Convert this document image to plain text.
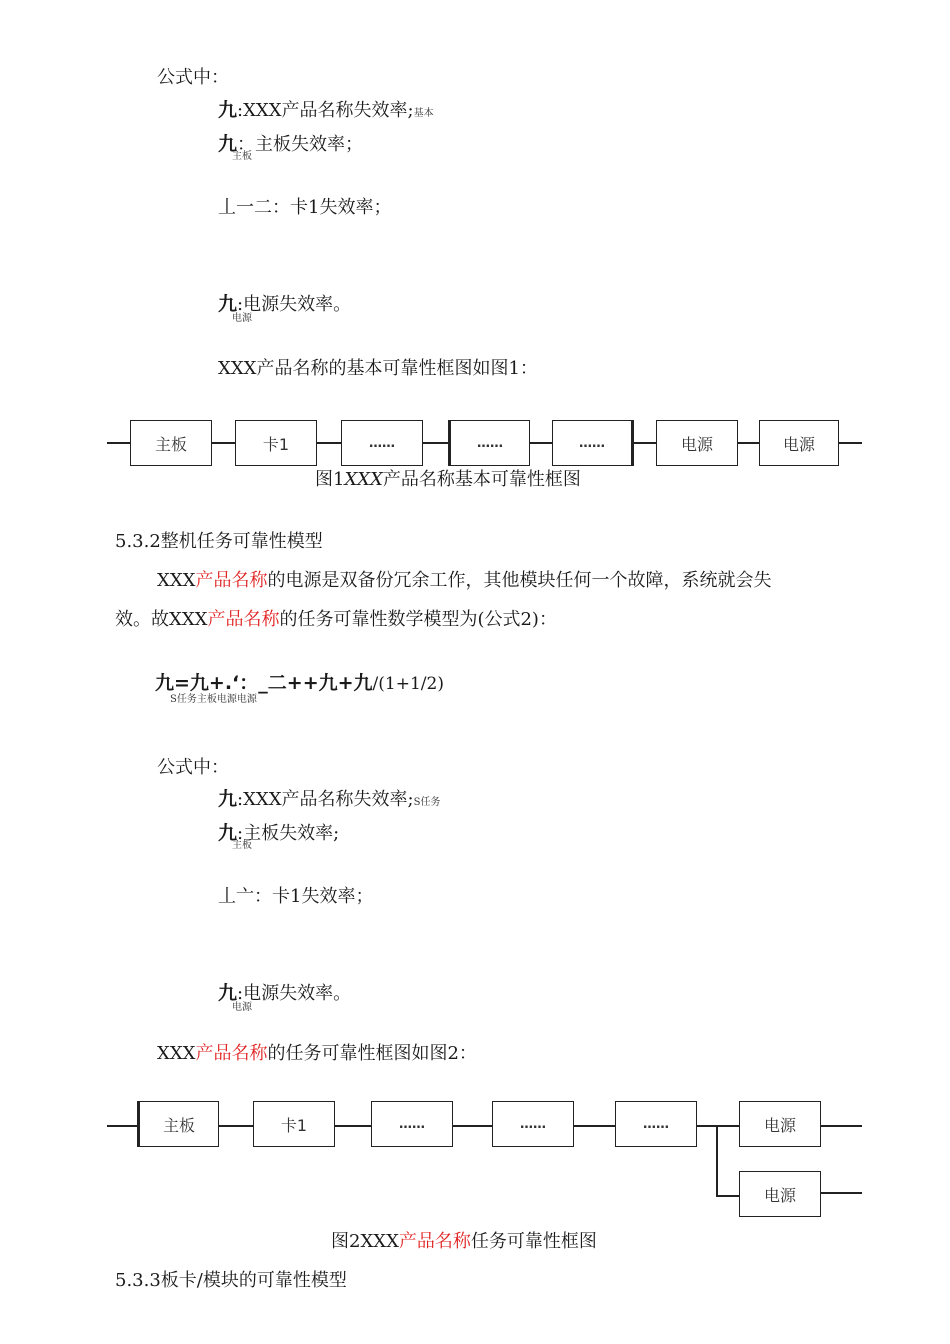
公式中：
九:XXX产品名称失效率;基本
九：主板失效率；
主板
丄一二：卡1失效率；
九:电源失效率。
电源
XXX产品名称的基本可靠性框图如图1：
主板	卡1	……	……	……	电源	电源
图1XXX产品名称基本可靠性框图
5.3.2整机任务可靠性模型
XXX产品名称的电源是双备份冗余工作，其他模块任何一个故障，系统就会失
效。故XXX产品名称的任务可靠性数学模型为(公式2)：
九=九+.‘：_二++九+九/(1+1/2)
S任务主板电源电源
公式中：
九:XXX产品名称失效率;S任务
九:主板失效率;
主板
丄亠：卡1失效率；
九:电源失效率。
电源
XXX产品名称的任务可靠性框图如图2：
主板	卡1	……	……	……	电源
电源
图2XXX产品名称任务可靠性框图
5.3.3板卡/模块的可靠性模型
